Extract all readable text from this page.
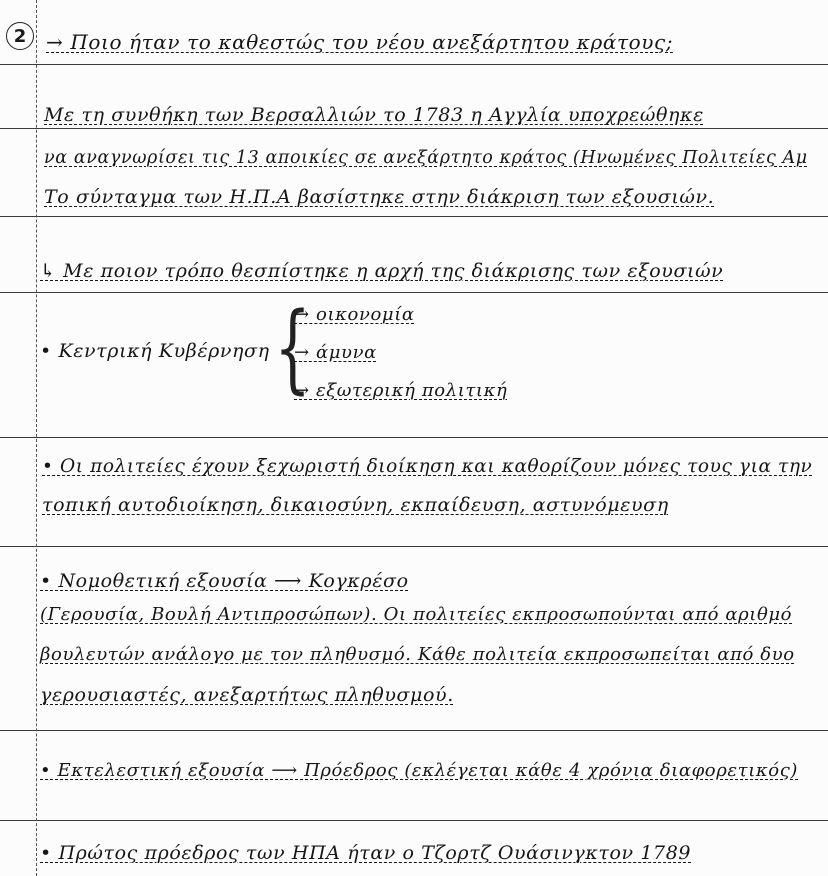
2 → Ποιο ήταν το καθεστώς του νέου ανεξάρτητου κράτους;
Με τη συνθήκη των Βερσαλλιών το 1783 η Αγγλία υποχρεώθηκε
να αναγνωρίσει τις 13 αποικίες σε ανεξάρτητο κράτος (Ηνωμένες Πολιτείες Αμ
Το σύνταγμα των Η.Π.Α βασίστηκε στην διάκριση των εξουσιών.
↳ Με ποιον τρόπο θεσπίστηκε η αρχή της διάκρισης των εξουσιών
• Κεντρική Κυβέρνηση {
→ οικονομία
→ άμυνα
→ εξωτερική πολιτική
• Οι πολιτείες έχουν ξεχωριστή διοίκηση και καθορίζουν μόνες τους για την
τοπική αυτοδιοίκηση, δικαιοσύνη, εκπαίδευση, αστυνόμευση
• Νομοθετική εξουσία ⟶ Κογκρέσο
(Γερουσία, Βουλή Αντιπροσώπων). Οι πολιτείες εκπροσωπούνται από αριθμό
βουλευτών ανάλογο με τον πληθυσμό. Κάθε πολιτεία εκπροσωπείται από δυο
γερουσιαστές, ανεξαρτήτως πληθυσμού.
• Εκτελεστική εξουσία ⟶ Πρόεδρος (εκλέγεται κάθε 4 χρόνια διαφορετικός)
• Πρώτος πρόεδρος των ΗΠΑ ήταν ο Τζορτζ Ουάσινγκτον 1789
